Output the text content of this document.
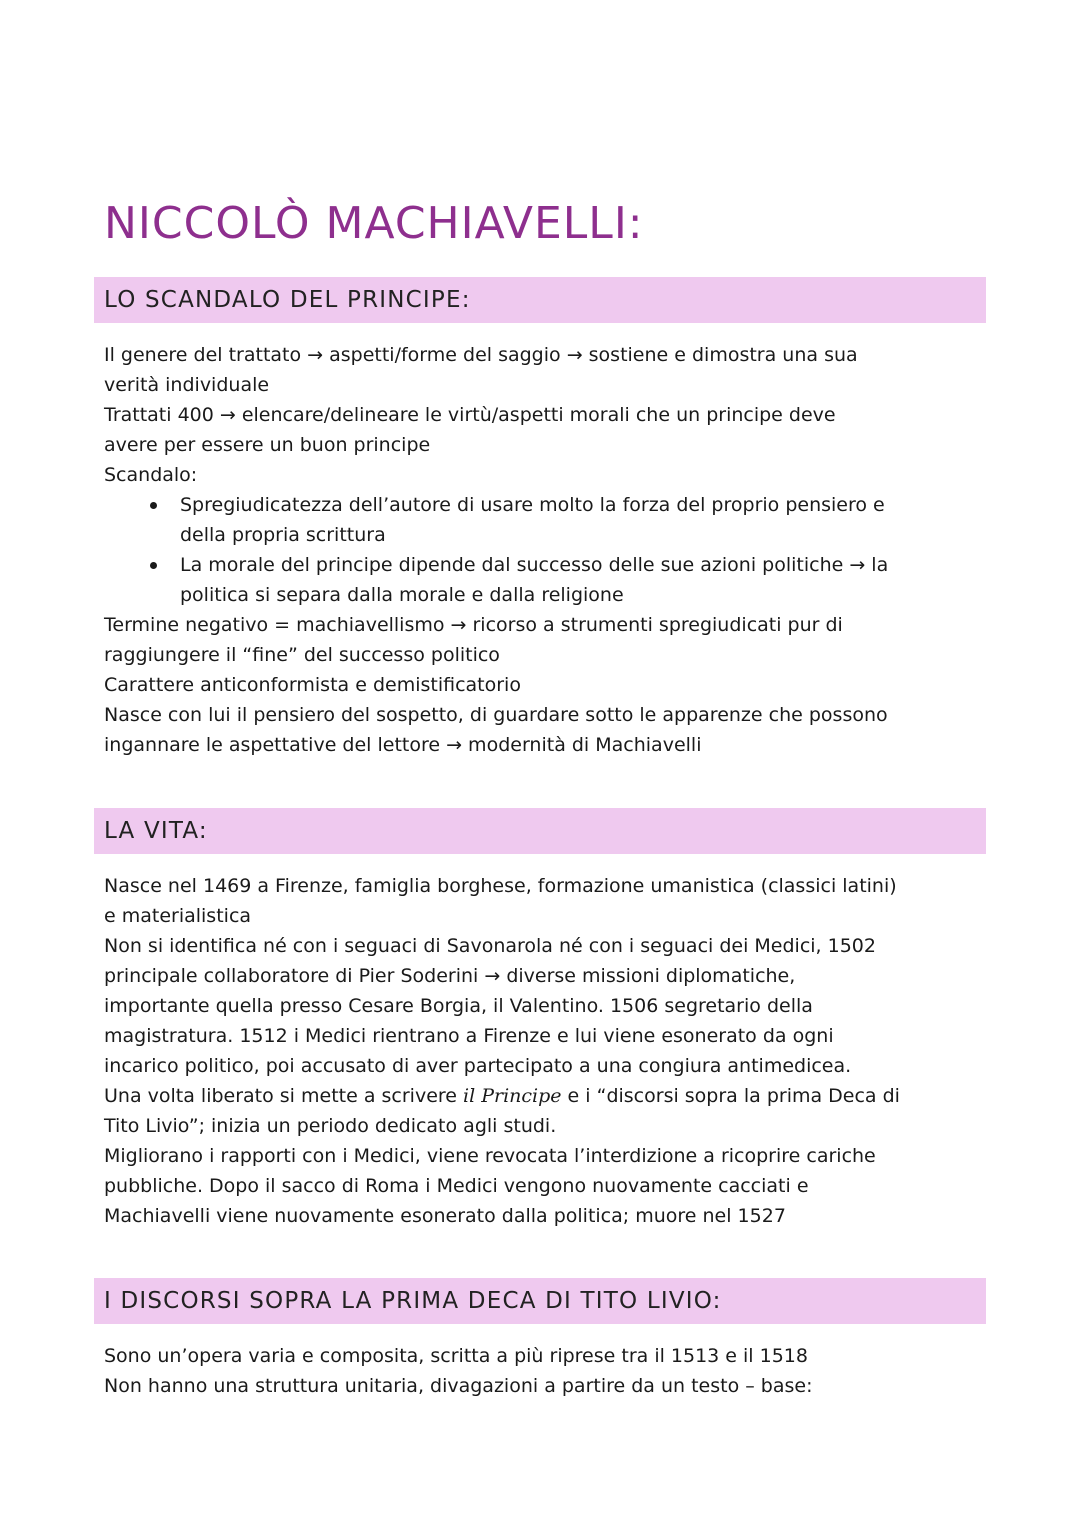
NICCOLÒ MACHIAVELLI:
LO SCANDALO DEL PRINCIPE:
Il genere del trattato → aspetti/forme del saggio → sostiene e dimostra una sua
verità individuale
Trattati 400 → elencare/delineare le virtù/aspetti morali che un principe deve
avere per essere un buon principe
Scandalo:
Spregiudicatezza dell’autore di usare molto la forza del proprio pensiero e
della propria scrittura
La morale del principe dipende dal successo delle sue azioni politiche → la
politica si separa dalla morale e dalla religione
Termine negativo = machiavellismo → ricorso a strumenti spregiudicati pur di
raggiungere il “fine” del successo politico
Carattere anticonformista e demistificatorio
Nasce con lui il pensiero del sospetto, di guardare sotto le apparenze che possono
ingannare le aspettative del lettore → modernità di Machiavelli
LA VITA:
Nasce nel 1469 a Firenze, famiglia borghese, formazione umanistica (classici latini)
e materialistica
Non si identifica né con i seguaci di Savonarola né con i seguaci dei Medici, 1502
principale collaboratore di Pier Soderini → diverse missioni diplomatiche,
importante quella presso Cesare Borgia, il Valentino. 1506 segretario della
magistratura. 1512 i Medici rientrano a Firenze e lui viene esonerato da ogni
incarico politico, poi accusato di aver partecipato a una congiura antimedicea.
Una volta liberato si mette a scrivere il Principe e i “discorsi sopra la prima Deca di
Tito Livio”; inizia un periodo dedicato agli studi.
Migliorano i rapporti con i Medici, viene revocata l’interdizione a ricoprire cariche
pubbliche. Dopo il sacco di Roma i Medici vengono nuovamente cacciati e
Machiavelli viene nuovamente esonerato dalla politica; muore nel 1527
I DISCORSI SOPRA LA PRIMA DECA DI TITO LIVIO:
Sono un’opera varia e composita, scritta a più riprese tra il 1513 e il 1518
Non hanno una struttura unitaria, divagazioni a partire da un testo – base:
